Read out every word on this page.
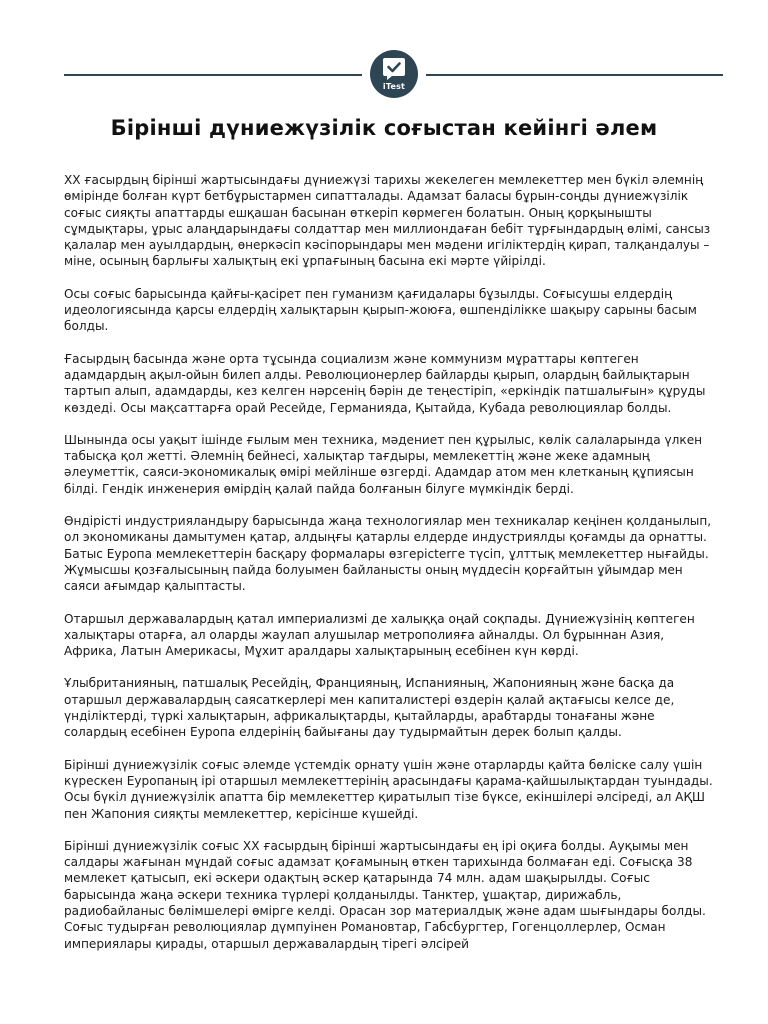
iTest
Бірінші дүниежүзілік соғыстан кейінгі әлем

XX ғасырдың бірінші жартысындағы дүниежүзі тарихы жекелеген мемлекеттер мен бүкіл әлемнің өмірінде болған күрт бетбұрыстармен сипатталады. Адамзат баласы бұрын-соңды дүниежүзілік соғыс сияқты апаттарды ешқашан басынан өткеріп көрмеген болатын. Оның қорқынышты сұмдықтары, ұрыс алаңдарындағы солдаттар мен миллиондаған бебіт тұрғындардың өлімі, сансыз қалалар мен ауылдардың, өнеркәсіп кәсіпорындары мен мәдени игіліктердің қирап, талқандалуы – міне, осының барлығы халықтың екі ұрпағының басына екі мәрте үйірілді.

Осы соғыс барысында қайғы-қасірет пен гуманизм қағидалары бұзылды. Соғысушы елдердің идеологиясында қарсы елдердің халықтарын қырып-жоюға, өшпенділікке шақыру сарыны басым болды.

Ғасырдың басында және орта тұсында социализм және коммунизм мұраттары көптеген адамдардың ақыл-ойын билеп алды. Революционерлер байларды қырып, олардың байлықтарын тартып алып, адамдарды, кез келген нәрсенің бәрін де теңестіріп, «еркіндік патшалығын» құруды көздеді. Осы мақсаттарға орай Ресейде, Германияда, Қытайда, Кубада революциялар болды.

Шынында осы уақыт ішінде ғылым мен техника, мәдениет пен құрылыс, көлік салаларында үлкен табысқа қол жетті. Әлемнің бейнесі, халықтар тағдыры, мемлекеттің және жеке адамның әлеуметтік, саяси-экономикалық өмірі мейлінше өзгерді. Адамдар атом мен клетканың құпиясын білді. Гендік инженерия өмірдің қалай пайда болғанын білуге мүмкіндік берді.

Өндірісті индустрияландыру барысында жаңа технологиялар мен техникалар кеңінен қолданылып, ол экономиканы дамытумен қатар, алдыңғы қатарлы елдерде индустриялды қоғамды да орнатты. Батыс Еуропа мемлекеттерін басқару формалары өзгерісterге түсіп, ұлттық мемлекеттер нығайды. Жұмысшы қозғалысының пайда болуымен байланысты оның мүддесін қорғайтын ұйымдар мен саяси ағымдар қалыптасты.

Отаршыл державалардың қатал империализмі де халыққа оңай соқпады. Дүниежүзінің көптеген халықтары отарға, ал оларды жаулап алушылар метрополияға айналды. Ол бұрыннан Азия, Африка, Латын Америкасы, Мұхит аралдары халықтарының есебінен күн көрді.

Ұлыбританияның, патшалық Ресейдің, Францияның, Испанияның, Жапонияның және басқа да отаршыл державалардың саясаткерлері мен капиталистері өздерін қалай ақтағысы келсе де, үнділіктерді, түркі халықтарын, африкалықтарды, қытайларды, арабтарды тонағаны және солардың есебінен Еуропа елдерінің байығаны дау тудырмайтын дерек болып қалды.

Бірінші дүниежүзілік соғыс әлемде үстемдік орнату үшін және отарларды қайта бөліске салу үшін күрескен Еуропаның ірі отаршыл мемлекеттерінің арасындағы қарама-қайшылықтардан туындады. Осы бүкіл дүниежүзілік апатта бір мемлекеттер қиратылып тізе бүксе, екіншілері әлсіреді, ал АҚШ пен Жапония сияқты мемлекеттер, керісінше күшейді.

Бірінші дүниежүзілік соғыс XX ғасырдың бірінші жартысындағы ең ірі оқиға болды. Ауқымы мен салдары жағынан мұндай соғыс адамзат қоғамының өткен тарихында болмаған еді. Соғысқа 38 мемлекет қатысып, екі әскери одақтың әскер қатарында 74 млн. адам шақырылды. Соғыс барысында жаңа әскери техника түрлері қолданылды. Танктер, ұшақтар, дирижабль, радиобайланыс бөлімшелері өмірге келді. Орасан зор материалдық және адам шығындары болды. Соғыс тудырған революциялар дүмпуінен Романовтар, Габсбургтер, Гогенцоллерлер, Осман империялары қирады, отаршыл державалардың тірегі әлсірей
